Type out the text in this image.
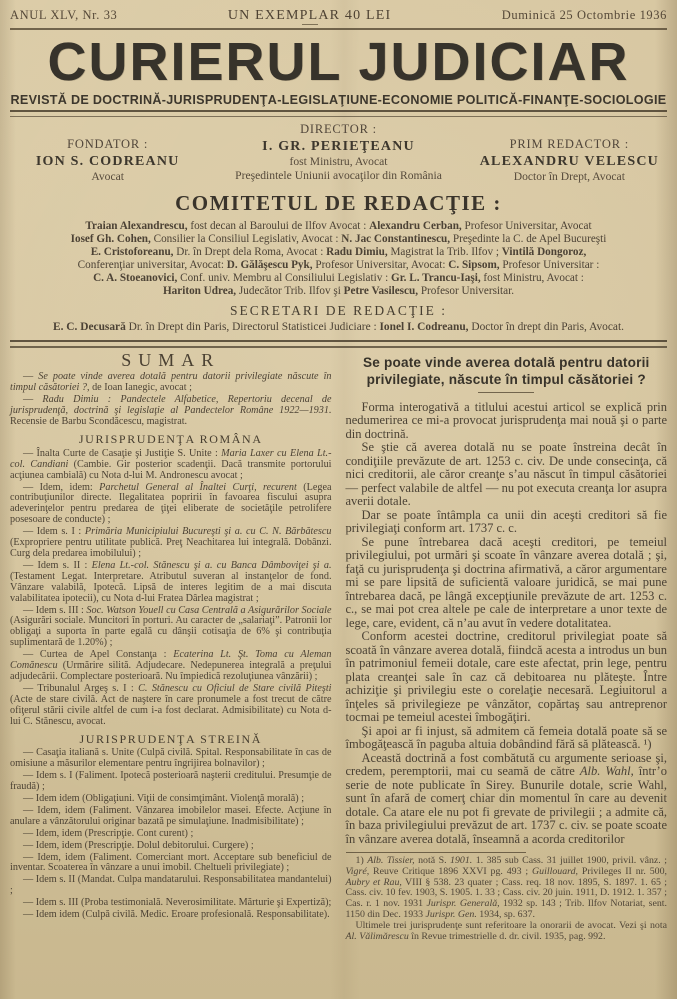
ANUL XLV, Nr. 33	UN EXEMPLAR 40 LEI	Duminică 25 Octombrie 1936
CURIERUL JUDICIAR
REVISTĂ DE DOCTRINĂ-JURISPRUDENŢA-LEGISLAŢIUNE-ECONOMIE POLITICĂ-FINANŢE-SOCIOLOGIE
FONDATOR :
ION S. CODREANU
Avocat
DIRECTOR :
I. GR. PERIEŢEANU
fost Ministru, Avocat
Preşedintele Uniunii avocaţilor din România
PRIM REDACTOR :
ALEXANDRU VELESCU
Doctor în Drept, Avocat
COMITETUL DE REDACŢIE :
Traian Alexandrescu, fost decan al Baroului de Ilfov Avocat : Alexandru Cerban, Profesor Universitar, Avocat
Iosef Gh. Cohen, Consilier la Consiliul Legislativ, Avocat : N. Jac Constantinescu, Preşedinte la C. de Apel Bucureşti
E. Cristoforeanu, Dr. în Drept dela Roma, Avocat : Radu Dimiu, Magistrat la Trib. Ilfov ; Vintilă Dongoroz,
Conferenţiar universitar, Avocat: D. Gălăşescu Pyk, Profesor Universitar, Avocat: C. Sipsom, Profesor Universitar :
C. A. Stoeanovici, Conf. univ. Membru al Consiliului Legislativ : Gr. L. Trancu-Iaşi, fost Ministru, Avocat :
Hariton Udrea, Judecător Trib. Ilfov şi Petre Vasilescu, Profesor Universitar.
SECRETARI DE REDACŢIE :
E. C. Decusară Dr. în Drept din Paris, Directorul Statisticei Judiciare : Ionel I. Codreanu, Doctor în drept din Paris, Avocat.
SUMAR
— Se poate vinde averea dotală pentru datorii privilegiate născute în timpul căsătoriei ?, de Ioan Ianegic, avocat ;
— Radu Dimiu : Pandectele Alfabetice, Repertoriu decenal de jurisprudenţă, doctrină şi legislaţie al Pandectelor Române 1922—1931. Recensie de Barbu Scondăcescu, magistrat.
JURISPRUDENŢA ROMÂNA
— Înalta Curte de Casaţie şi Justiţie S. Unite : Maria Laxer cu Elena Lt.-col. Candiani (Cambie. Gir posterior scadenţii. Dacă transmite portorului acţiunea cambială) cu Nota d-lui M. Andronescu avocat ;
— Idem, idem: Parchetul General al Înaltei Curţi, recurent (Legea contribuţiunilor directe. Ilegalitatea popririi în favoarea fiscului asupra adeverinţelor pentru predarea de ţiţei eliberate de societăţile petrolifere posesoare de conducte) ;
— Idem s. I : Primăria Municipiului Bucureşti şi a. cu C. N. Bărbătescu (Expropriere pentru utilitate publică. Preţ Neachitarea lui integrală. Dobânzi. Curg dela predarea imobilului) ;
— Idem s. II : Elena Lt.-col. Stănescu şi a. cu Banca Dâmboviţei şi a. (Testament Legat. Interpretare. Atributul suveran al instanţelor de fond. Vânzare valabilă, Ipotecă. Lipsă de interes legitim de a mai discuta valabilitatea ipotecii), cu Nota d-lui Fratea Dârlea magistrat ;
— Idem s. III : Soc. Watson Youell cu Casa Centrală a Asigurărilor Sociale (Asigurări sociale. Muncitori în porturi. Au caracter de „salariaţi”. Patronii lor obligaţi a suporta în parte egală cu dânşii cotisaţia de 6% şi contribuţia suplimentară de 1.20%) ;
— Curtea de Apel Constanţa : Ecaterina Lt. Şt. Toma cu Aleman Comănescu (Urmărire silită. Adjudecare. Nedepunerea integrală a preţului adjudecării. Complectare posterioară. Nu împiedică rezoluţiunea vânzării) ;
— Tribunalul Argeş s. I : C. Stănescu cu Oficiul de Stare civilă Piteşti (Acte de stare civilă. Act de naştere în care pronumele a fost trecut de către ofiţerul stării civile altfel de cum i-a fost declarat. Admisibilitate) cu Nota d-lui C. Stănescu, avocat.
JURISPRUDENŢA STREINĂ
— Casaţia italiană s. Unite (Culpă civilă. Spital. Responsabilitate în cas de omisiune a măsurilor elementare pentru îngrijirea bolnavilor) ;
— Idem s. I (Faliment. Ipotecă posterioară naşterii creditului. Presumţie de fraudă) ;
— Idem idem (Obligaţiuni. Viţii de consimţimânt. Violenţă morală) ;
— Idem, idem (Faliment. Vânzarea imobilelor masei. Efecte. Acţiune în anulare a vânzătorului originar bazată pe simulaţiune. Inadmisibilitate) ;
— Idem, idem (Prescripţie. Cont curent) ;
— Idem, idem (Prescripţie. Dolul debitorului. Curgere) ;
— Idem, idem (Faliment. Comerciant mort. Acceptare sub beneficiul de inventar. Scoaterea în vânzare a unui imobil. Cheltueli privilegiate) ;
— Idem s. II (Mandat. Culpa mandatarului. Responsabilitatea mandantelui) ;
— Idem s. III (Proba testimonială. Neverosimilitate. Mărturie şi Expertiză);
— Idem idem (Culpă civilă. Medic. Eroare profesională. Responsabilitate).
Se poate vinde averea dotală pentru datorii privilegiate, născute în timpul căsătoriei ?

Forma interogativă a titlului acestui articol se explică prin nedumerirea ce mi-a provocat jurisprudenţa mai nouă şi o parte din doctrină.

Se ştie că averea dotală nu se poate înstreina decât în condiţiile prevăzute de art. 1253 c. civ. De unde consecinţa, că nici creditorii, ale căror creanţe s’au născut în timpul căsătoriei — perfect valabile de altfel — nu pot executa creanţa lor asupra averii dotale.

Dar se poate întâmpla ca unii din aceşti creditori să fie privilegiaţi conform art. 1737 c. c.

Se pune întrebarea dacă aceşti creditori, pe temeiul privilegiului, pot urmări şi scoate în vânzare averea dotală ; şi, faţă cu jurisprudenţa şi doctrina afirmativă, a căror argumentare mi se pare lipsită de suficientă valoare juridică, se mai pune întrebarea dacă, pe lângă excepţiunile prevăzute de art. 1253 c. c., se mai pot crea altele pe cale de interpretare a unor texte de lege, care, evident, că n’au avut în vedere dotalitatea.

Conform acestei doctrine, creditorul privilegiat poate să scoată în vânzare averea dotală, fiindcă acesta a introdus un bun în patrimoniul femeii dotale, care este afectat, prin lege, pentru plata creanţei sale în caz că debitoarea nu plăteşte. Între achiziţie şi privilegiu este o corelaţie necesară. Legiuitorul a înţeles să privilegieze pe vânzător, copărtaş sau antreprenor tocmai pe temeiul acestei îmbogăţiri.

Şi apoi ar fi injust, să admitem că femeia dotală poate să se îmbogăţească în paguba altuia dobândind fără să plătească. ¹)

Această doctrină a fost combătută cu argumente serioase şi, credem, peremptorii, mai cu seamă de către Alb. Wahl, într’o serie de note publicate în Sirey. Bunurile dotale, scrie Wahl, sunt în afară de comerţ chiar din momentul în care au devenit dotale. Ca atare ele nu pot fi grevate de privilegii ; a admite că, în baza privilegiului prevăzut de art. 1737 c. civ. se poate scoate în vânzare averea dotală, înseamnă a acorda creditorilor

1) Alb. Tissier, notă S. 1901. 1. 385 sub Cass. 31 juillet 1900, privil. vânz. ; Vigré, Reuve Critique 1896 XXVI pg. 493 ; Guillouard, Privileges II nr. 500, Aubry et Rau, VIII § 538. 23 quater ; Cass. req. 18 nov. 1895, S. 1897. 1. 65 ; Cass. civ. 10 fev. 1903, S. 1905. 1. 33 ; Cass. civ. 20 juin. 1911, D. 1912. 1. 357 ; Cas. r. 1 nov. 1931 Jurispr. Generală, 1932 sp. 143 ; Trib. Ilfov Notariat, sent. 1150 din Dec. 1933 Jurispr. Gen. 1934, sp. 637.

Ultimele trei jurisprudenţe sunt referitoare la onorarii de avocat. Vezi şi nota Al. Vălimărescu în Revue trimestrielle d. dr. civil. 1935, pag. 992.
